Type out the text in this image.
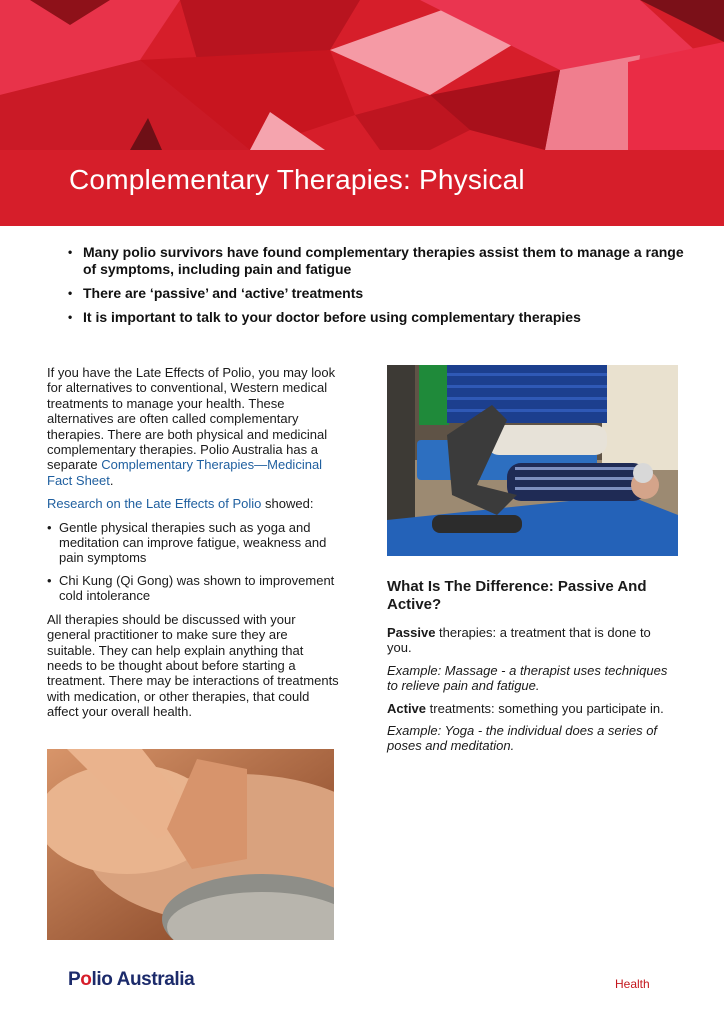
Complementary Therapies: Physical
• Many polio survivors have found complementary therapies assist them to manage a range of symptoms, including pain and fatigue
• There are ‘passive’ and ‘active’ treatments
• It is important to talk to your doctor before using complementary therapies

If you have the Late Effects of Polio, you may look for alternatives to conventional, Western medical treatments to manage your health. These alternatives are often called complementary therapies. There are both physical and medicinal complementary therapies. Polio Australia has a separate Complementary Therapies—Medicinal Fact Sheet.

Research on the Late Effects of Polio showed:

• Gentle physical therapies such as yoga and meditation can improve fatigue, weakness and pain symptoms
• Chi Kung (Qi Gong) was shown to improvement cold intolerance

All therapies should be discussed with your general practitioner to make sure they are suitable. They can help explain anything that needs to be thought about before starting a treatment. There may be interactions of treatments with medication, or other therapies, that could affect your overall health.

What Is The Difference: Passive And Active?

Passive therapies: a treatment that is done to you.

Example: Massage - a therapist uses techniques to relieve pain and fatigue.

Active treatments: something you participate in.

Example: Yoga - the individual does a series of poses and meditation.

Polio Australia	Health
